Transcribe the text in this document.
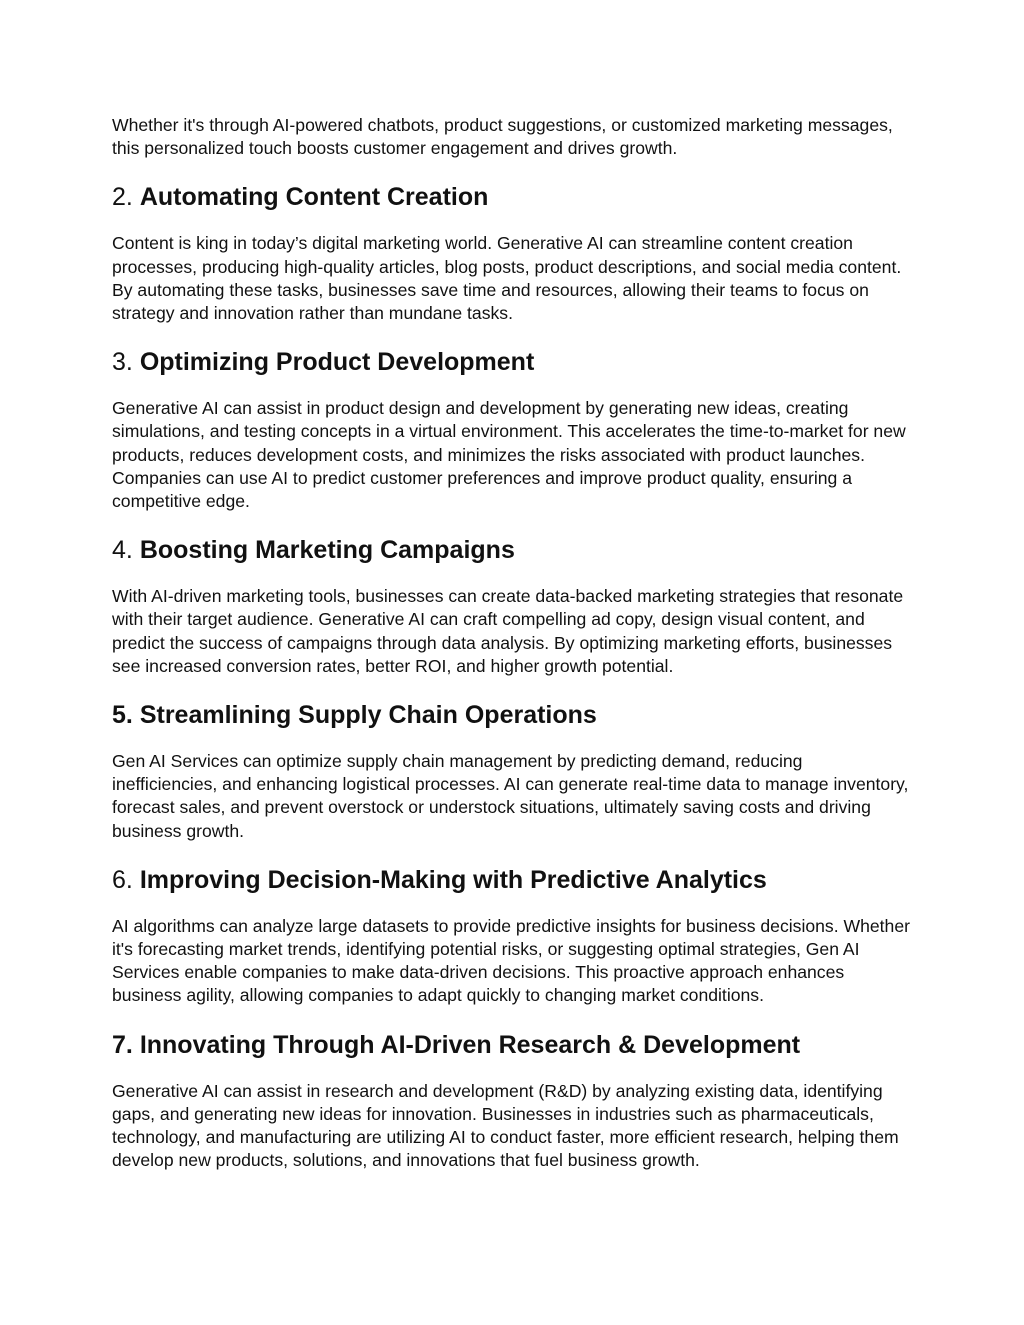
Whether it's through AI-powered chatbots, product suggestions, or customized marketing messages, this personalized touch boosts customer engagement and drives growth.

2. Automating Content Creation

Content is king in today’s digital marketing world. Generative AI can streamline content creation processes, producing high-quality articles, blog posts, product descriptions, and social media content. By automating these tasks, businesses save time and resources, allowing their teams to focus on strategy and innovation rather than mundane tasks.

3. Optimizing Product Development

Generative AI can assist in product design and development by generating new ideas, creating simulations, and testing concepts in a virtual environment. This accelerates the time-to-market for new products, reduces development costs, and minimizes the risks associated with product launches. Companies can use AI to predict customer preferences and improve product quality, ensuring a competitive edge.

4. Boosting Marketing Campaigns

With AI-driven marketing tools, businesses can create data-backed marketing strategies that resonate with their target audience. Generative AI can craft compelling ad copy, design visual content, and predict the success of campaigns through data analysis. By optimizing marketing efforts, businesses see increased conversion rates, better ROI, and higher growth potential.

5. Streamlining Supply Chain Operations

Gen AI Services can optimize supply chain management by predicting demand, reducing inefficiencies, and enhancing logistical processes. AI can generate real-time data to manage inventory, forecast sales, and prevent overstock or understock situations, ultimately saving costs and driving business growth.

6. Improving Decision-Making with Predictive Analytics

AI algorithms can analyze large datasets to provide predictive insights for business decisions. Whether it's forecasting market trends, identifying potential risks, or suggesting optimal strategies, Gen AI Services enable companies to make data-driven decisions. This proactive approach enhances business agility, allowing companies to adapt quickly to changing market conditions.

7. Innovating Through AI-Driven Research & Development

Generative AI can assist in research and development (R&D) by analyzing existing data, identifying gaps, and generating new ideas for innovation. Businesses in industries such as pharmaceuticals, technology, and manufacturing are utilizing AI to conduct faster, more efficient research, helping them develop new products, solutions, and innovations that fuel business growth.
